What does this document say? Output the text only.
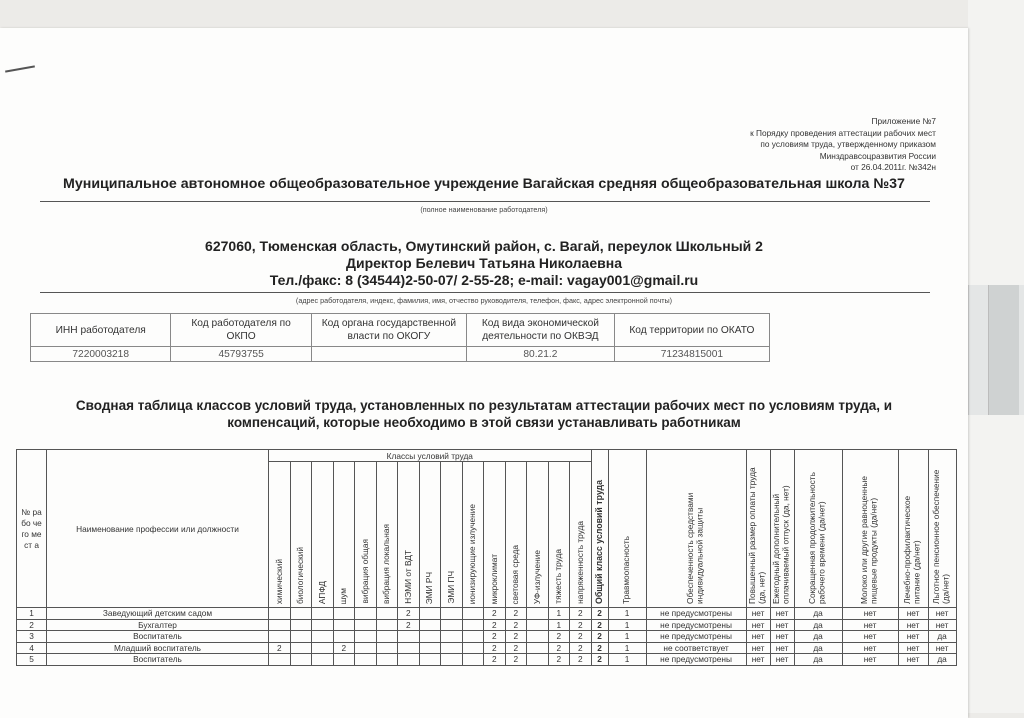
Приложение №7
к Порядку проведения аттестации рабочих мест
по условиям труда, утвержденному приказом
Минздравсоцразвития России
от 26.04.2011г. №342н
Муниципальное автономное общеобразовательное учреждение Вагайская средняя общеобразовательная школа №37
(полное наименование работодателя)
627060, Тюменская область, Омутинский район, с. Вагай, переулок Школьный 2
Директор Белевич Татьяна Николаевна
Тел./факс: 8 (34544)2-50-07/ 2-55-28; e-mail: vagay001@gmail.ru
(адрес работодателя, индекс, фамилия, имя, отчество руководителя, телефон, факс, адрес электронной почты)
ИНН работодателя	Код работодателя по ОКПО	Код органа государственной власти по ОКОГУ	Код вида экономической деятельности по ОКВЭД	Код территории по ОКАТО
7220003218	45793755		80.21.2	71234815001
Сводная таблица классов условий труда, установленных по результатам аттестации рабочих мест по условиям труда, и
компенсаций, которые необходимо в этой связи устанавливать работникам
№ рабо чего мест а	Наименование профессии или должности	Классы условий труда															Общий класс условий труда	Травмоопасность	Обеспеченность средствами индивидуальной защиты	Повышенный размер оплаты труда (да, нет)	Ежегодный дополнительный оплачиваемый отпуск (да, нет)	Сокращенная продолжительность рабочего времени (да/нет)	Молоко или другие равноценные пищевые продукты (да/нет)	Лечебно-профилактическое питание (да/нет)	Льготное пенсионное обеспечение (да/нет)

		химический	биологический	АПФД	шум	вибрация общая	вибрация локальная	НЭМИ от ВДТ	ЭМИ РЧ	ЭМИ ПЧ	ионизирующие излучение	микроклимат	световая среда	УФ-излучение	тяжесть труда	напряженность труда									

1	Заведующий детским садом							2				2	2		1	2	2	1	не предусмотрены	нет	нет	да	нет	нет	нет
2	Бухгалтер							2				2	2		1	2	2	1	не предусмотрены	нет	нет	да	нет	нет	нет
3	Воспитатель											2	2		2	2	2	1	не предусмотрены	нет	нет	да	нет	нет	да
4	Младший воспитатель	2			2							2	2		2	2	2	1	не соответствует	нет	нет	да	нет	нет	нет
5	Воспитатель											2	2		2	2	2	1	не предусмотрены	нет	нет	да	нет	нет	да
